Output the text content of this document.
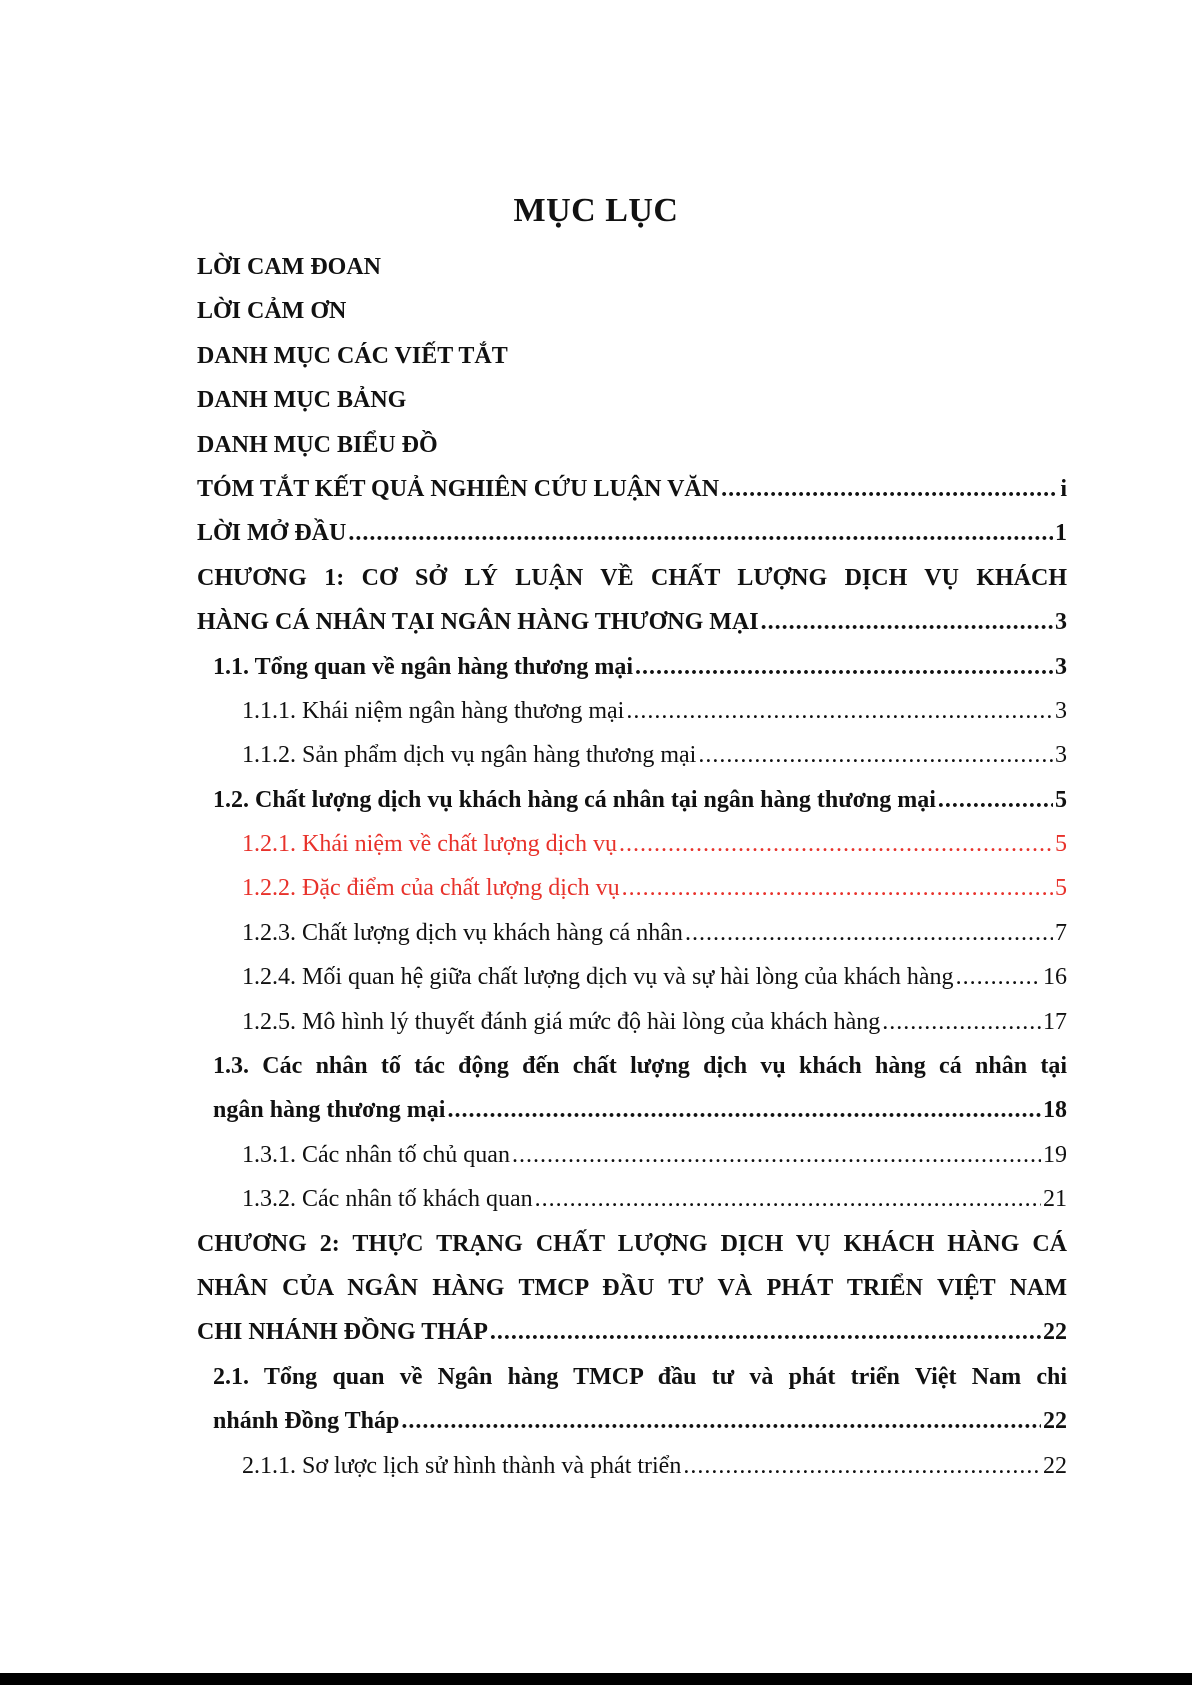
MỤC LỤC
LỜI CAM ĐOAN
LỜI CẢM ƠN
DANH MỤC CÁC VIẾT TẮT
DANH MỤC BẢNG
DANH MỤC BIỂU ĐỒ
TÓM TẮT KẾT QUẢ NGHIÊN CỨU LUẬN VĂN .....	i
LỜI MỞ ĐẦU .....	1
CHƯƠNG 1: CƠ SỞ LÝ LUẬN VỀ CHẤT LƯỢNG DỊCH VỤ KHÁCH
HÀNG CÁ NHÂN TẠI NGÂN HÀNG THƯƠNG MẠI .....	3
1.1. Tổng quan về ngân hàng thương mại .....	3
1.1.1. Khái niệm ngân hàng thương mại .....	3
1.1.2. Sản phẩm dịch vụ ngân hàng thương mại .....	3
1.2. Chất lượng dịch vụ khách hàng cá nhân tại ngân hàng thương mại .....	5
1.2.1. Khái niệm về chất lượng dịch vụ .....	5
1.2.2. Đặc điểm của chất lượng dịch vụ .....	5
1.2.3. Chất lượng dịch vụ khách hàng cá nhân .....	7
1.2.4. Mối quan hệ giữa chất lượng dịch vụ và sự hài lòng của khách hàng .....	16
1.2.5. Mô hình lý thuyết đánh giá mức độ hài lòng của khách hàng .....	17
1.3. Các nhân tố tác động đến chất lượng dịch vụ khách hàng cá nhân tại
ngân hàng thương mại .....	18
1.3.1. Các nhân tố chủ quan .....	19
1.3.2. Các nhân tố khách quan .....	21
CHƯƠNG 2: THỰC TRẠNG CHẤT LƯỢNG DỊCH VỤ KHÁCH HÀNG CÁ
NHÂN CỦA NGÂN HÀNG TMCP ĐẦU TƯ VÀ PHÁT TRIỂN VIỆT NAM
CHI NHÁNH ĐỒNG THÁP .....	22
2.1. Tổng quan về Ngân hàng TMCP đầu tư và phát triển Việt Nam chi
nhánh Đồng Tháp .....	22
2.1.1. Sơ lược lịch sử hình thành và phát triển .....	22
